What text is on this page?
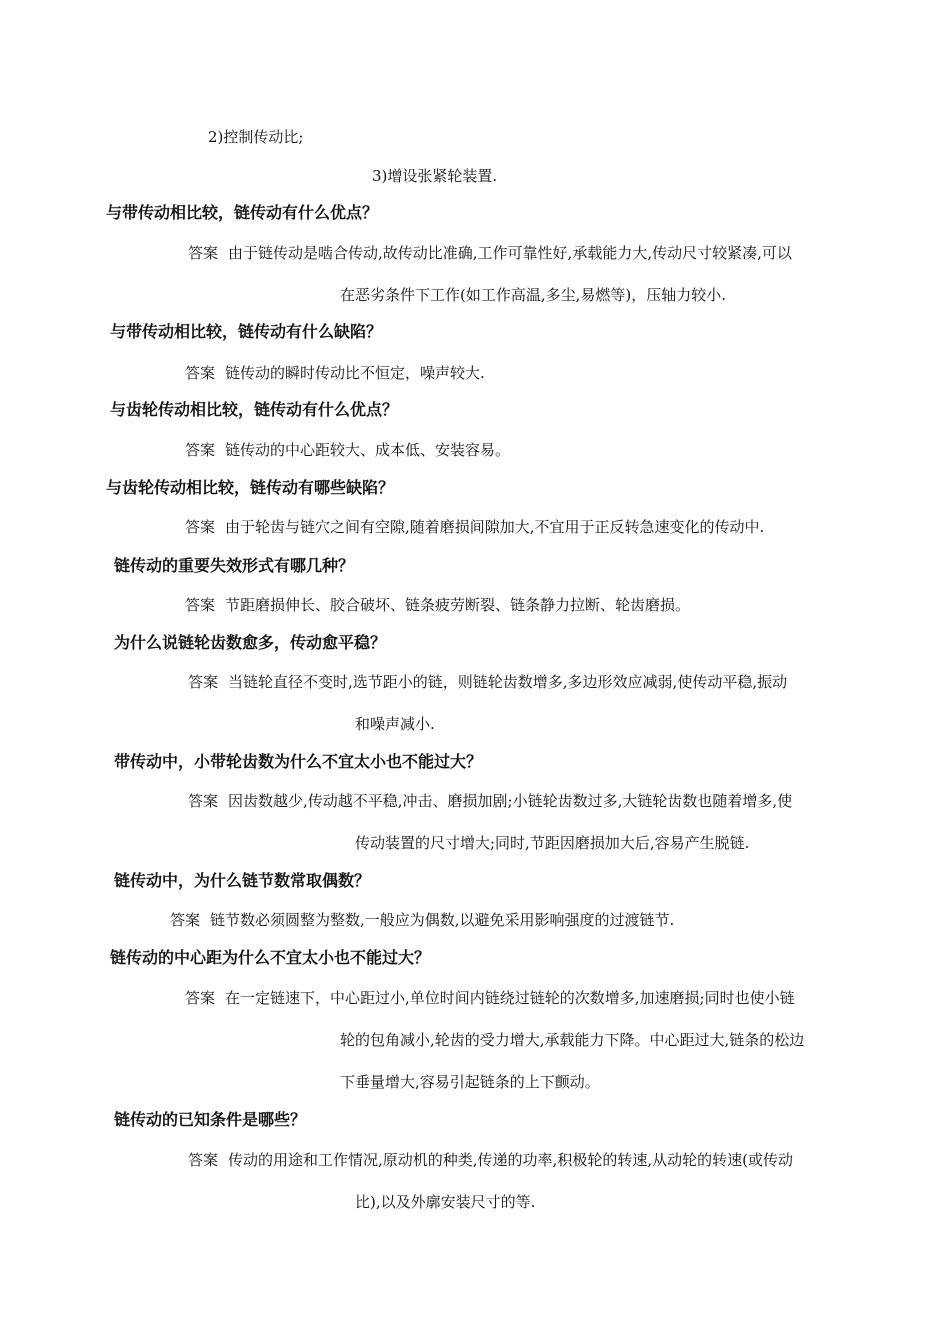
2)控制传动比;
3)增设张紧轮装置.
与带传动相比较，链传动有什么优点？
答案 由于链传动是啮合传动,故传动比准确,工作可靠性好,承载能力大,传动尺寸较紧凑,可以
在恶劣条件下工作(如工作高温,多尘,易燃等)，压轴力较小.
与带传动相比较，链传动有什么缺陷？
答案 链传动的瞬时传动比不恒定，噪声较大.
与齿轮传动相比较，链传动有什么优点？
答案 链传动的中心距较大、成本低、安装容易。
与齿轮传动相比较，链传动有哪些缺陷？
答案 由于轮齿与链穴之间有空隙,随着磨损间隙加大,不宜用于正反转急速变化的传动中.
链传动的重要失效形式有哪几种？
答案 节距磨损伸长、胶合破坏、链条疲劳断裂、链条静力拉断、轮齿磨损。
为什么说链轮齿数愈多，传动愈平稳？
答案 当链轮直径不变时,选节距小的链，则链轮齿数增多,多边形效应减弱,使传动平稳,振动
和噪声减小.
带传动中，小带轮齿数为什么不宜太小也不能过大？
答案 因齿数越少,传动越不平稳,冲击、磨损加剧;小链轮齿数过多,大链轮齿数也随着增多,使
传动装置的尺寸增大;同时,节距因磨损加大后,容易产生脱链.
链传动中，为什么链节数常取偶数？
答案 链节数必须圆整为整数,一般应为偶数,以避免采用影响强度的过渡链节.
链传动的中心距为什么不宜太小也不能过大？
答案 在一定链速下，中心距过小,单位时间内链绕过链轮的次数增多,加速磨损;同时也使小链
轮的包角减小,轮齿的受力增大,承载能力下降。中心距过大,链条的松边
下垂量增大,容易引起链条的上下颤动。
链传动的已知条件是哪些？
答案 传动的用途和工作情况,原动机的种类,传递的功率,积极轮的转速,从动轮的转速(或传动
比),以及外廓安装尺寸的等.
